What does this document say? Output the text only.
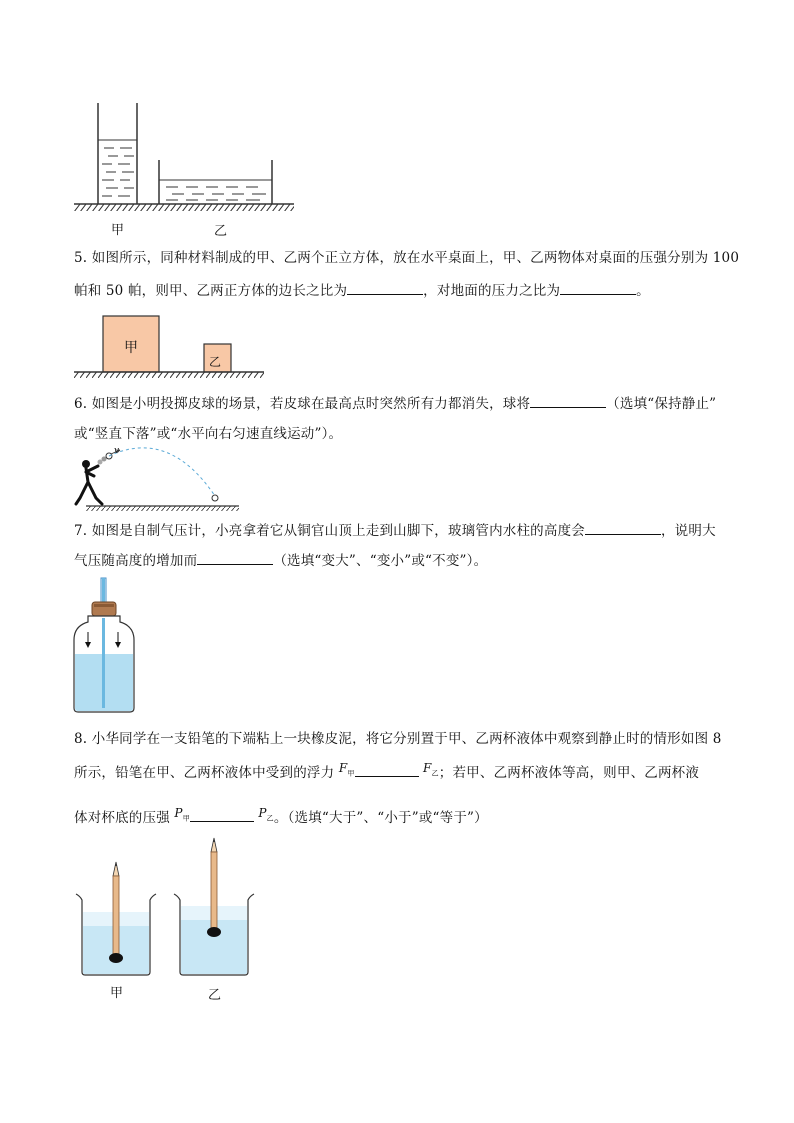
甲	乙
5. 如图所示，同种材料制成的甲、乙两个正立方体，放在水平桌面上，甲、乙两物体对桌面的压强分别为 100
帕和 50 帕，则甲、乙两正方体的边长之比为	，对地面的压力之比为	。
甲
乙
6. 如图是小明投掷皮球的场景，若皮球在最高点时突然所有力都消失，球将	（选填“保持静止”
或“竖直下落”或“水平向右匀速直线运动”）。
v
7. 如图是自制气压计，小亮拿着它从铜官山顶上走到山脚下，玻璃管内水柱的高度会	，说明大
气压随高度的增加而	（选填“变大”、“变小”或“不变”）。
8. 小华同学在一支铅笔的下端粘上一块橡皮泥，将它分别置于甲、乙两杯液体中观察到静止时的情形如图 8
所示，铅笔在甲、乙两杯液体中受到的浮力 $F_甲$	$F_乙$；若甲、乙两杯液体等高，则甲、乙两杯液
体对杯底的压强 $P_甲$	$P_乙$。（选填“大于”、“小于”或“等于”）
甲	乙
